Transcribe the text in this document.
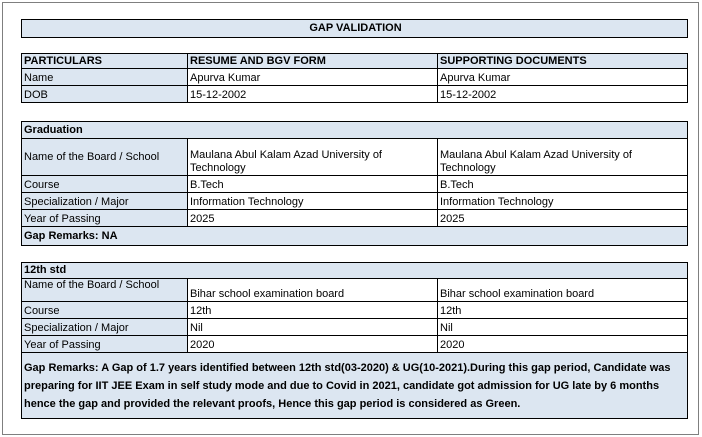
GAP VALIDATION
PARTICULARS	RESUME AND BGV FORM	SUPPORTING DOCUMENTS
Name	Apurva Kumar	Apurva Kumar
DOB	15-12-2002	15-12-2002
Graduation		
Name of the Board / School	Maulana Abul Kalam Azad University of Technology	Maulana Abul Kalam Azad University of Technology
Course	B.Tech	B.Tech
Specialization / Major	Information Technology	Information Technology
Year of Passing	2025	2025
Gap Remarks: NA		
12th std		
Name of the Board / School	Bihar school examination board	Bihar school examination board
Course	12th	12th
Specialization / Major	Nil	Nil
Year of Passing	2020	2020
Gap Remarks: A Gap of 1.7 years identified between 12th std(03-2020) & UG(10-2021).During this gap period, Candidate was preparing for IIT JEE Exam in self study mode and due to Covid in 2021, candidate got admission for UG late by 6 months hence the gap and provided the relevant proofs, Hence this gap period is considered as Green.		
